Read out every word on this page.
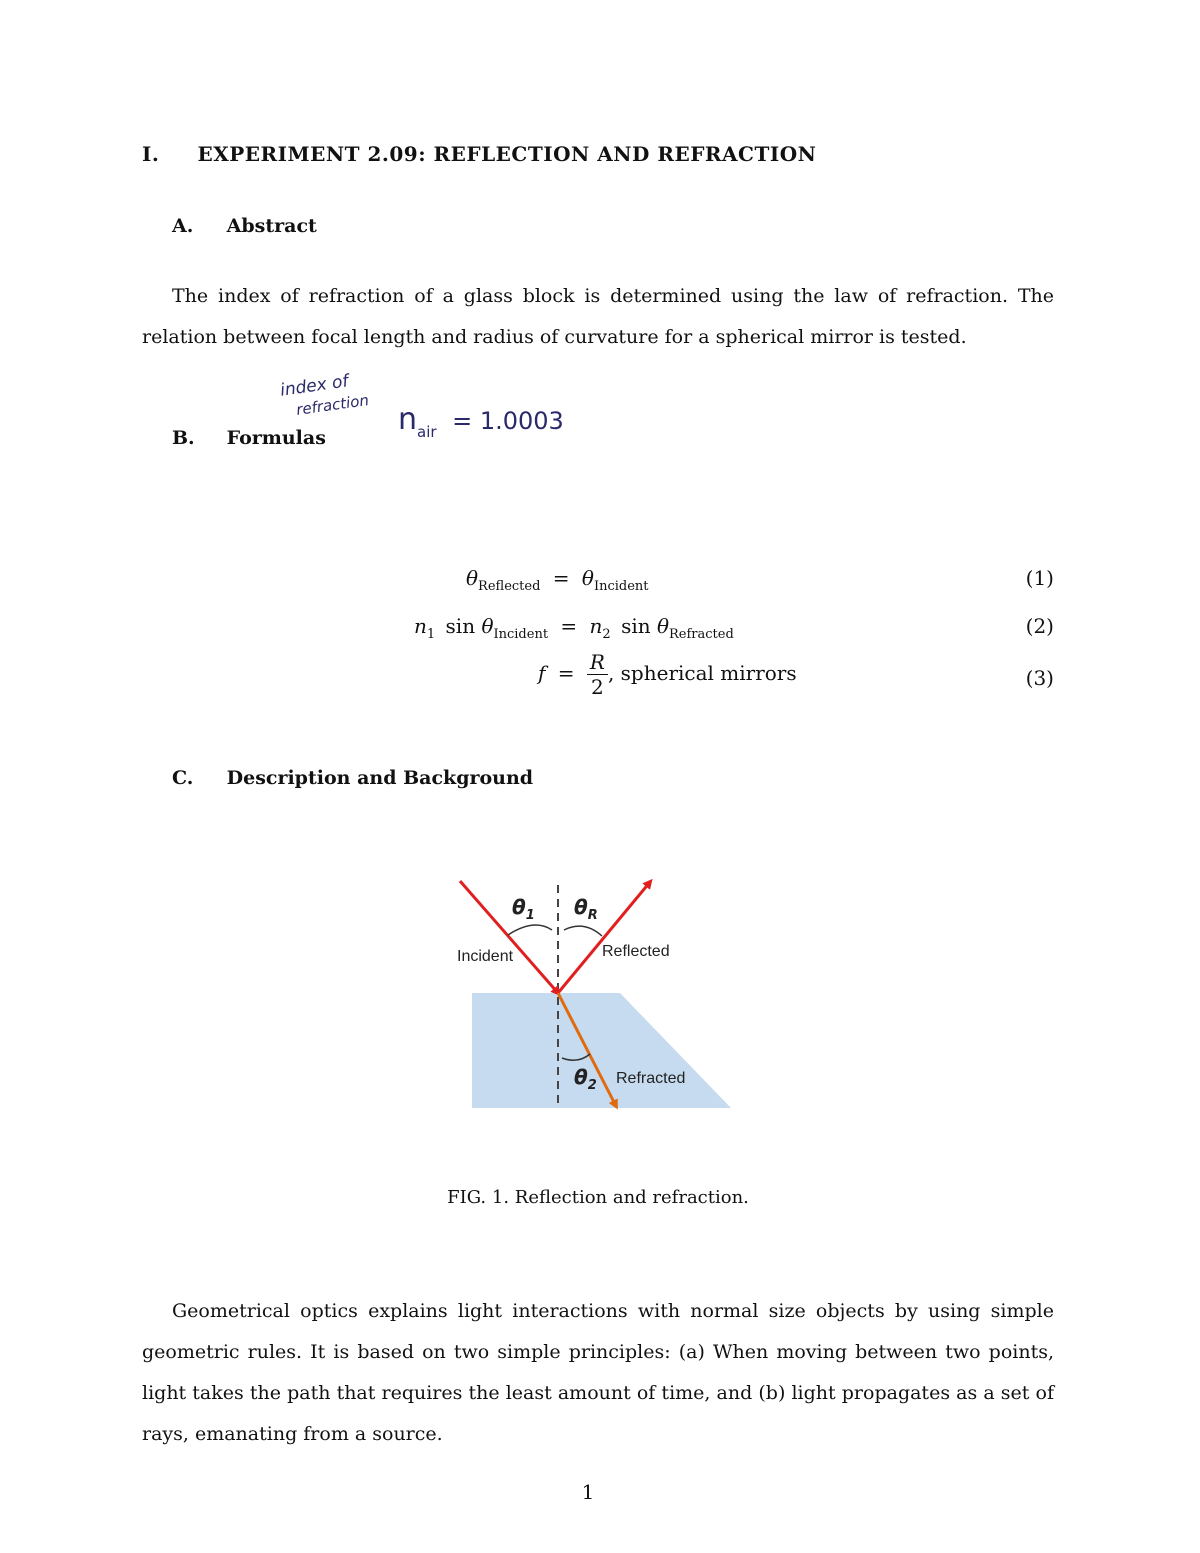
I. EXPERIMENT 2.09: REFLECTION AND REFRACTION
A. Abstract
The index of refraction of a glass block is determined using the law of refraction. The relation between focal length and radius of curvature for a spherical mirror is tested.
index of
refraction $n_{air} = 1.0003$
B. Formulas
$\theta_{Reflected} = \theta_{Incident}$	(1)
$n_1$ $\sin \theta_{Incident} = n_2$ $\sin \theta_{Refracted}$	(2)
$f = \frac{R}{2}$ , spherical mirrors	(3)
C. Description and Background
$\theta_1$ $\theta_R$
$\theta_2$
Incident	Reflected
Refracted
FIG. 1. Reflection and refraction.
Geometrical optics explains light interactions with normal size objects by using simple geometric rules. It is based on two simple principles: (a) When moving between two points, light takes the path that requires the least amount of time, and (b) light propagates as a set of rays, emanating from a source.
1
